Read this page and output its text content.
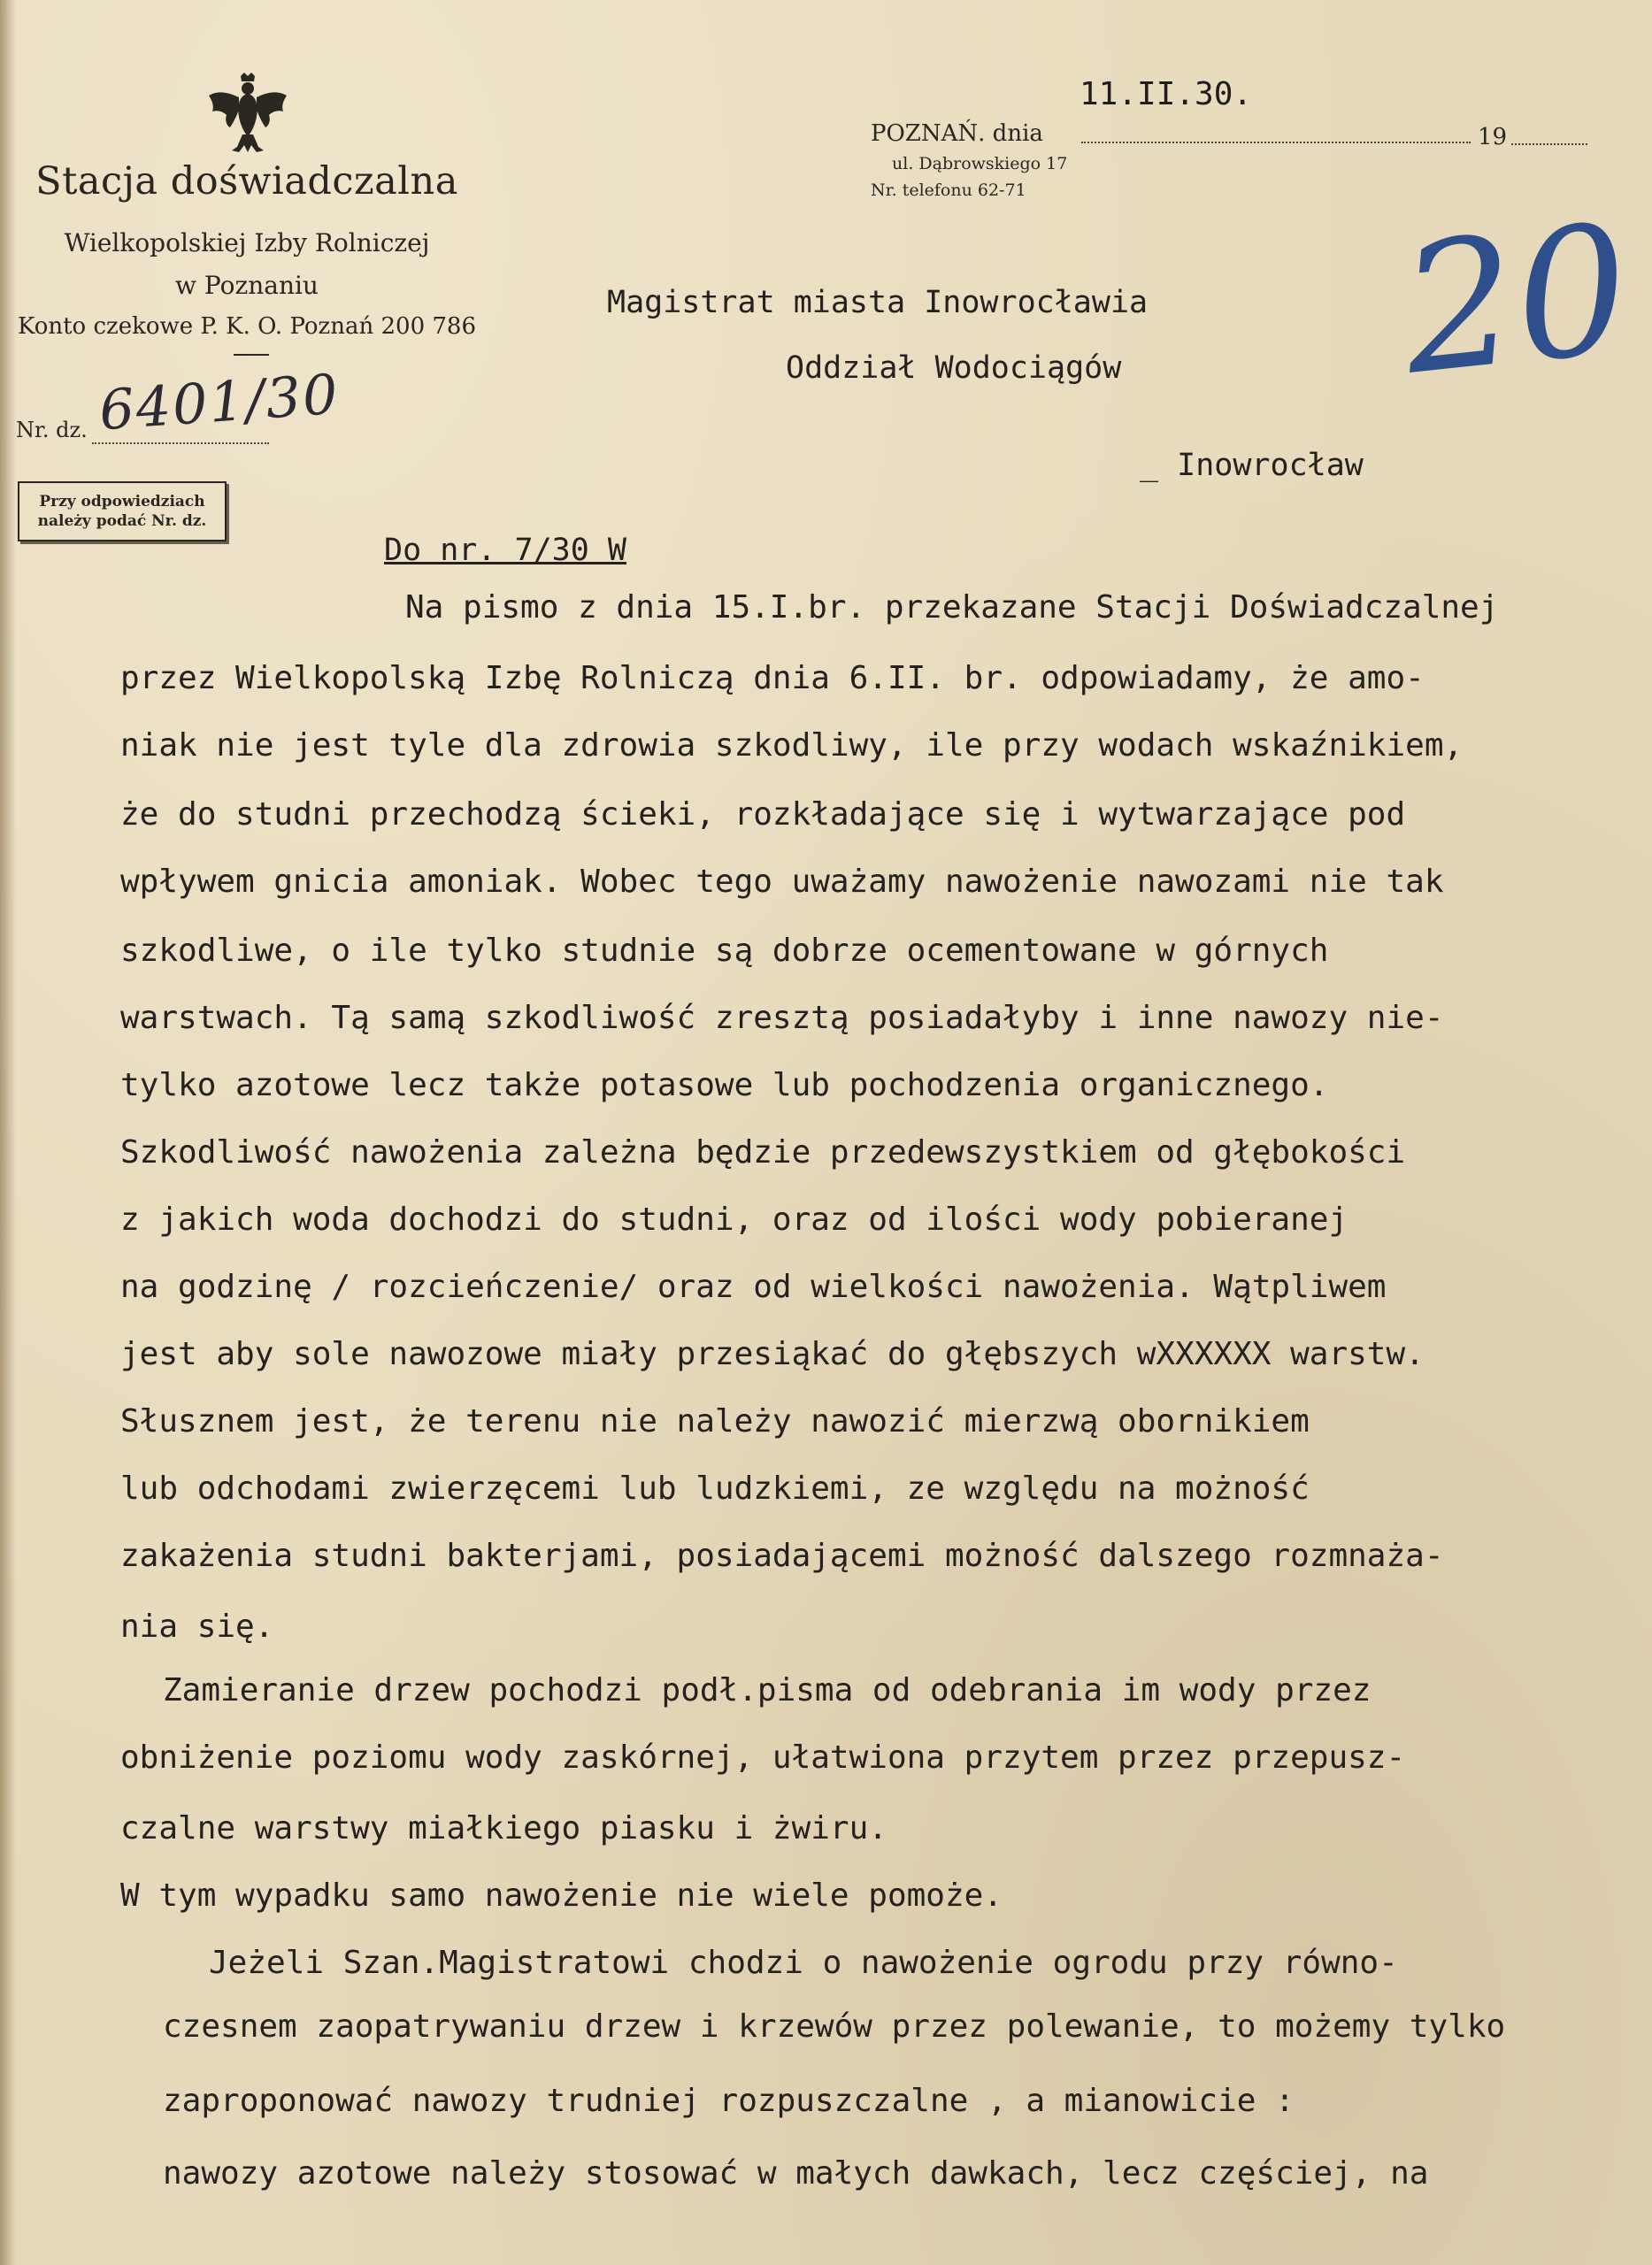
Stacja doświadczalna
Wielkopolskiej Izby Rolniczej
w Poznaniu
Konto czekowe P. K. O. Poznań 200 786
Nr. dz. 6401/30
Przy odpowiedziach
należy podać Nr. dz.
11.II.30.
POZNAŃ. dnia	19
ul. Dąbrowskiego 17
Nr. telefonu 62-71
Magistrat miasta Inowrocławia
Oddział Wodociągów
_ Inowrocław
20
Do nr. 7/30 W
Na pismo z dnia 15.I.br. przekazane Stacji Doświadczalnej
przez Wielkopolską Izbę Rolniczą dnia 6.II. br. odpowiadamy, że amo-
niak nie jest tyle dla zdrowia szkodliwy, ile przy wodach wskaźnikiem,
że do studni przechodzą ścieki, rozkładające się i wytwarzające pod
wpływem gnicia amoniak. Wobec tego uważamy nawożenie nawozami nie tak
szkodliwe, o ile tylko studnie są dobrze ocementowane w górnych
warstwach. Tą samą szkodliwość zresztą posiadałyby i inne nawozy nie-
tylko azotowe lecz także potasowe lub pochodzenia organicznego.
Szkodliwość nawożenia zależna będzie przedewszystkiem od głębokości
z jakich woda dochodzi do studni, oraz od ilości wody pobieranej
na godzinę / rozcieńczenie/ oraz od wielkości nawożenia. Wątpliwem
jest aby sole nawozowe miały przesiąkać do głębszych wXXXXXX warstw.
Słusznem jest, że terenu nie należy nawozić mierzwą obornikiem
lub odchodami zwierzęcemi lub ludzkiemi, ze względu na możność
zakażenia studni bakterjami, posiadającemi możność dalszego rozmnaża-
nia się.
Zamieranie drzew pochodzi podł.pisma od odebrania im wody przez
obniżenie poziomu wody zaskórnej, ułatwiona przytem przez przepusz-
czalne warstwy miałkiego piasku i żwiru.
W tym wypadku samo nawożenie nie wiele pomoże.
Jeżeli Szan.Magistratowi chodzi o nawożenie ogrodu przy równo-
czesnem zaopatrywaniu drzew i krzewów przez polewanie, to możemy tylko
zaproponować nawozy trudniej rozpuszczalne , a mianowicie :
nawozy azotowe należy stosować w małych dawkach, lecz częściej, na
